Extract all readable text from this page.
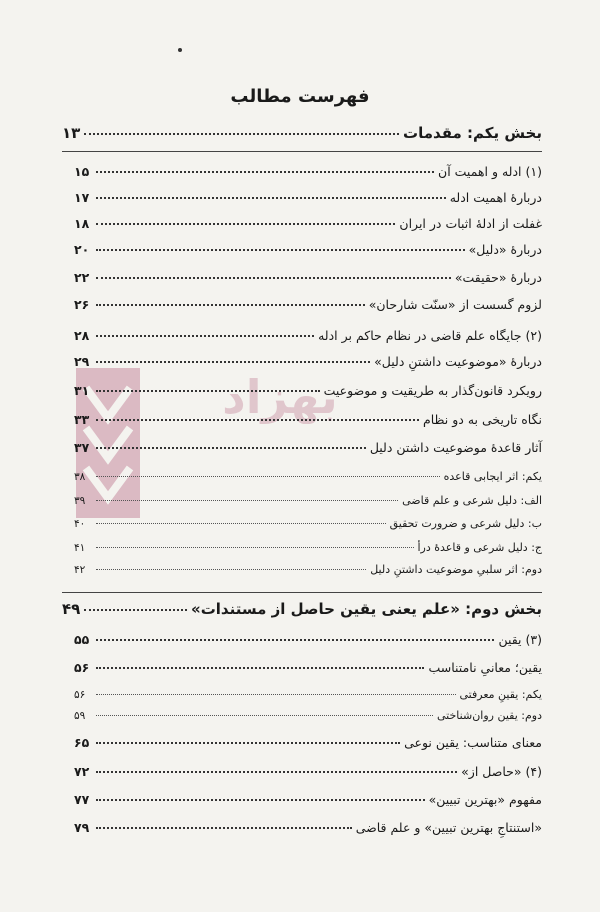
فهرست مطالب
بهزاد
بخش یکم: مقدمات
۱۳
(۱) ادله و اهمیت آن
۱۵
دربارهٔ اهمیت ادله
۱۷
غفلت از ادلهٔ اثبات در ایران
۱۸
دربارهٔ «دلیل»
۲۰
دربارهٔ «حقیقت»
۲۲
لزوم گسست از «سنّت شارحان»
۲۶
(۲) جایگاه علم قاضی در نظام حاکم بر ادله
۲۸
دربارهٔ «موضوعیت داشتنِ دلیل»
۲۹
رویکرد قانون‌گذار به طریقیت و موضوعیت
۳۱
نگاه تاریخی به دو نظام
۳۳
آثار قاعدهٔ موضوعیت داشتن دلیل
۳۷
یکم: اثر ایجابی قاعده
۳۸
الف: دلیل شرعی و علم قاضی
۳۹
ب: دلیل شرعی و ضرورت تحقیق
۴۰
ج: دلیل شرعی و قاعدهٔ درأ
۴۱
دوم: اثر سلبیِ موضوعیت داشتنِ دلیل
۴۲
بخش دوم: «علم یعنی یقین حاصل از مستندات»
۴۹
(۳) یقین
۵۵
یقین؛ معانیِ نامتناسب
۵۶
یکم: یقینِ معرفتی
۵۶
دوم: یقین روان‌شناختی
۵۹
معنای متناسب: یقین نوعی
۶۵
(۴) «حاصل از»
۷۲
مفهوم «بهترین تبیین»
۷۷
«استنتاجِ بهترین تبیین» و علم قاضی
۷۹
